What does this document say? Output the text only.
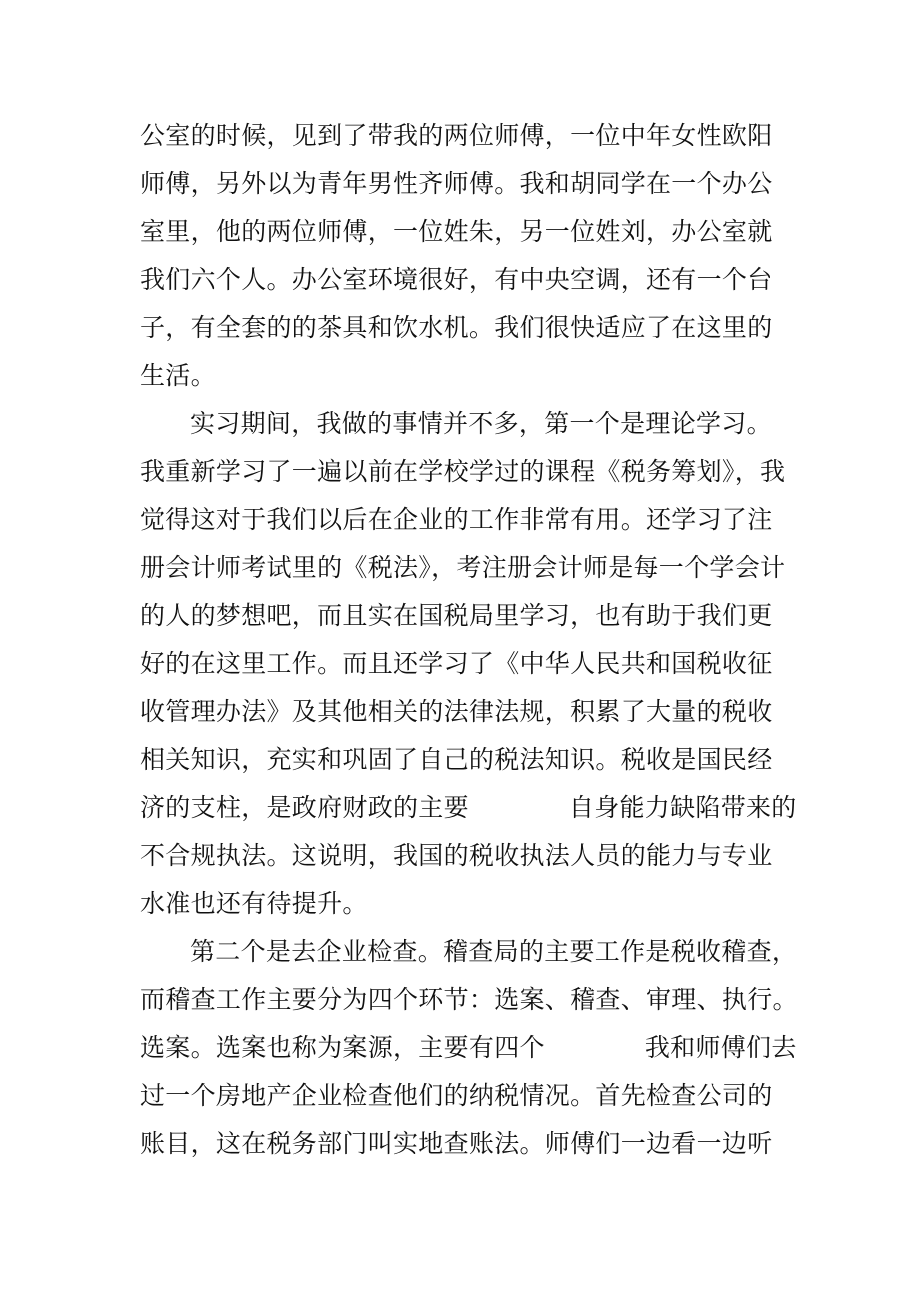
公室的时候，见到了带我的两位师傅，一位中年女性欧阳
师傅，另外以为青年男性齐师傅。我和胡同学在一个办公
室里，他的两位师傅，一位姓朱，另一位姓刘，办公室就
我们六个人。办公室环境很好，有中央空调，还有一个台
子，有全套的的茶具和饮水机。我们很快适应了在这里的
生活。
实习期间，我做的事情并不多，第一个是理论学习。
我重新学习了一遍以前在学校学过的课程《税务筹划》，我
觉得这对于我们以后在企业的工作非常有用。还学习了注
册会计师考试里的《税法》，考注册会计师是每一个学会计
的人的梦想吧，而且实在国税局里学习，也有助于我们更
好的在这里工作。而且还学习了《中华人民共和国税收征
收管理办法》及其他相关的法律法规，积累了大量的税收
相关知识，充实和巩固了自己的税法知识。税收是国民经
济的支柱，是政府财政的主要	自身能力缺陷带来的
不合规执法。这说明，我国的税收执法人员的能力与专业
水准也还有待提升。
第二个是去企业检查。稽查局的主要工作是税收稽查，
而稽查工作主要分为四个环节：选案、稽查、审理、执行。
选案。选案也称为案源，主要有四个	我和师傅们去
过一个房地产企业检查他们的纳税情况。首先检查公司的
账目，这在税务部门叫实地查账法。师傅们一边看一边听
